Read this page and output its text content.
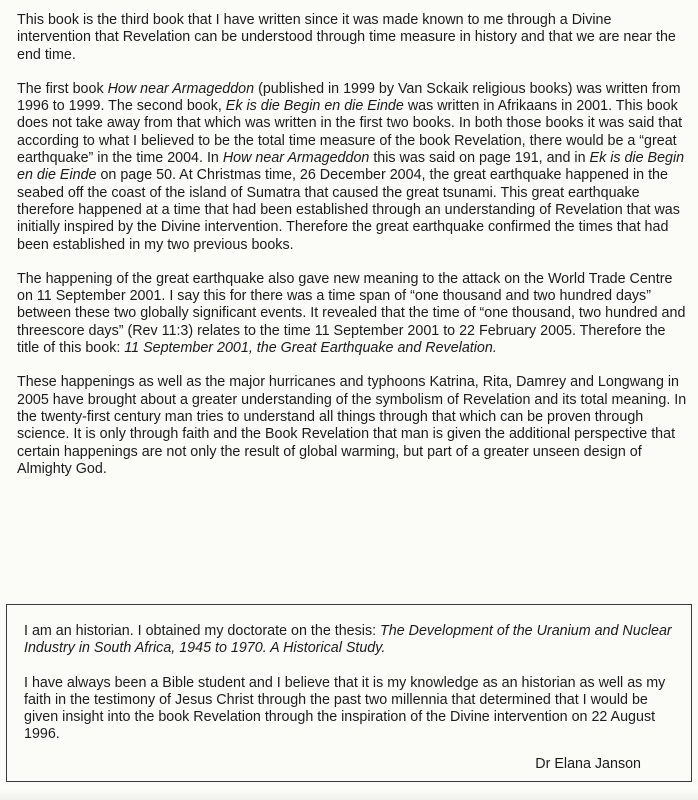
This book is the third book that I have written since it was made known to me through a Divine intervention that Revelation can be understood through time measure in history and that we are near the end time.

The first book How near Armageddon (published in 1999 by Van Sckaik religious books) was written from 1996 to 1999. The second book, Ek is die Begin en die Einde was written in Afrikaans in 2001. This book does not take away from that which was written in the first two books. In both those books it was said that according to what I believed to be the total time measure of the book Revelation, there would be a “great earthquake” in the time 2004. In How near Armageddon this was said on page 191, and in Ek is die Begin en die Einde on page 50. At Christmas time, 26 December 2004, the great earthquake happened in the seabed off the coast of the island of Sumatra that caused the great tsunami. This great earthquake therefore happened at a time that had been established through an understanding of Revelation that was initially inspired by the Divine intervention. Therefore the great earthquake confirmed the times that had been established in my two previous books.

The happening of the great earthquake also gave new meaning to the attack on the World Trade Centre on 11 September 2001. I say this for there was a time span of “one thousand and two hundred days” between these two globally significant events. It revealed that the time of “one thousand, two hundred and threescore days” (Rev 11:3) relates to the time 11 September 2001 to 22 February 2005. Therefore the title of this book: 11 September 2001, the Great Earthquake and Revelation.

These happenings as well as the major hurricanes and typhoons Katrina, Rita, Damrey and Longwang in 2005 have brought about a greater understanding of the symbolism of Revelation and its total meaning. In the twenty-first century man tries to understand all things through that which can be proven through science. It is only through faith and the Book Revelation that man is given the additional perspective that certain happenings are not only the result of global warming, but part of a greater unseen design of Almighty God.

I am an historian. I obtained my doctorate on the thesis: The Development of the Uranium and Nuclear Industry in South Africa, 1945 to 1970. A Historical Study.

I have always been a Bible student and I believe that it is my knowledge as an historian as well as my faith in the testimony of Jesus Christ through the past two millennia that determined that I would be given insight into the book Revelation through the inspiration of the Divine intervention on 22 August 1996.

Dr Elana Janson
